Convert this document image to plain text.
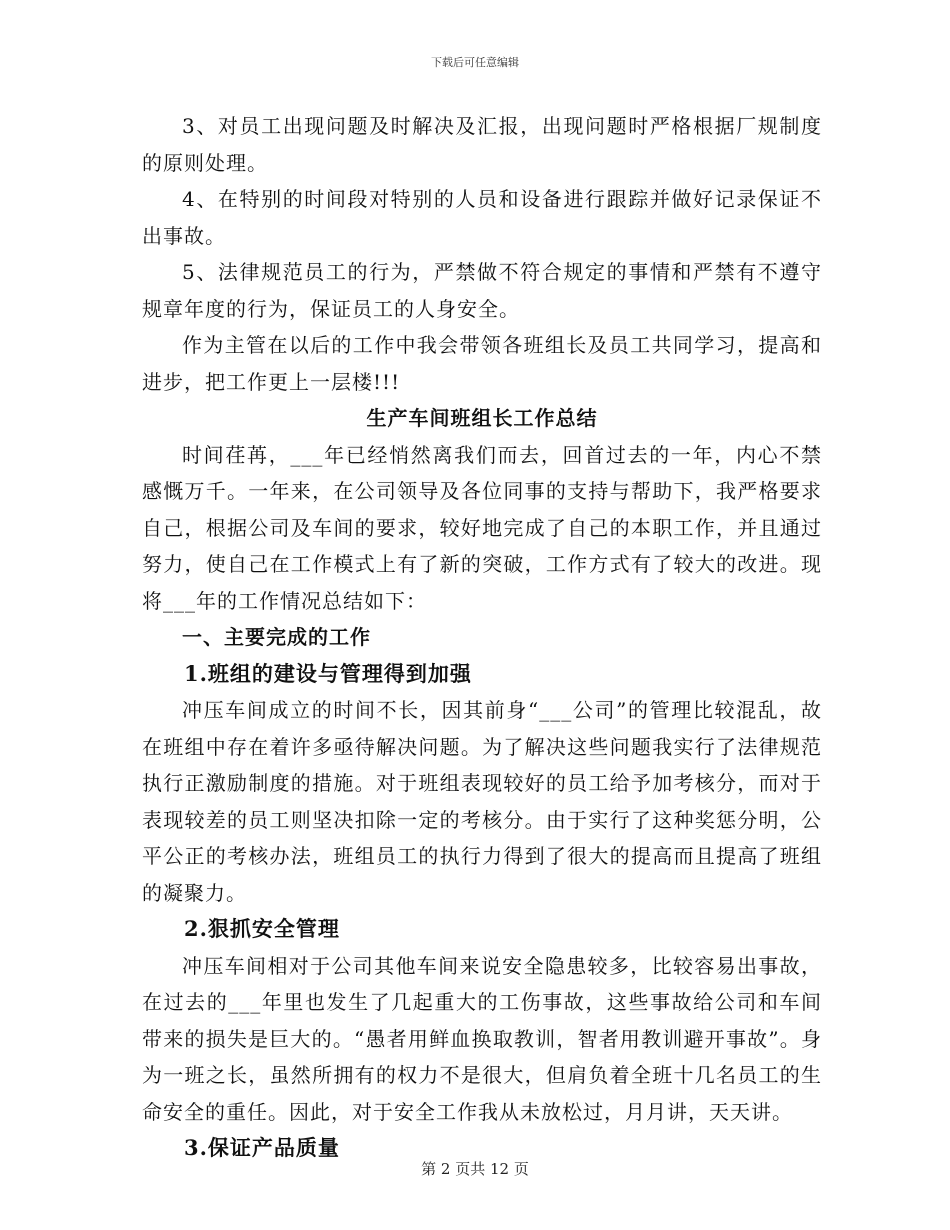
下载后可任意编辑

3、对员工出现问题及时解决及汇报，出现问题时严格根据厂规制度的原则处理。

4、在特别的时间段对特别的人员和设备进行跟踪并做好记录保证不出事故。

5、法律规范员工的行为，严禁做不符合规定的事情和严禁有不遵守规章年度的行为，保证员工的人身安全。

作为主管在以后的工作中我会带领各班组长及员工共同学习，提高和进步，把工作更上一层楼!!!

生产车间班组长工作总结

时间荏苒，___年已经悄然离我们而去，回首过去的一年，内心不禁感慨万千。一年来，在公司领导及各位同事的支持与帮助下，我严格要求自己，根据公司及车间的要求，较好地完成了自己的本职工作，并且通过努力，使自己在工作模式上有了新的突破，工作方式有了较大的改进。现将___年的工作情况总结如下：

一、主要完成的工作

1.班组的建设与管理得到加强

冲压车间成立的时间不长，因其前身“___公司”的管理比较混乱，故在班组中存在着许多亟待解决问题。为了解决这些问题我实行了法律规范执行正激励制度的措施。对于班组表现较好的员工给予加考核分，而对于表现较差的员工则坚决扣除一定的考核分。由于实行了这种奖惩分明，公平公正的考核办法，班组员工的执行力得到了很大的提高而且提高了班组的凝聚力。

2.狠抓安全管理

冲压车间相对于公司其他车间来说安全隐患较多，比较容易出事故，在过去的___年里也发生了几起重大的工伤事故，这些事故给公司和车间带来的损失是巨大的。“愚者用鲜血换取教训，智者用教训避开事故”。身为一班之长，虽然所拥有的权力不是很大，但肩负着全班十几名员工的生命安全的重任。因此，对于安全工作我从未放松过，月月讲，天天讲。

3.保证产品质量

第 2 页共 12 页
